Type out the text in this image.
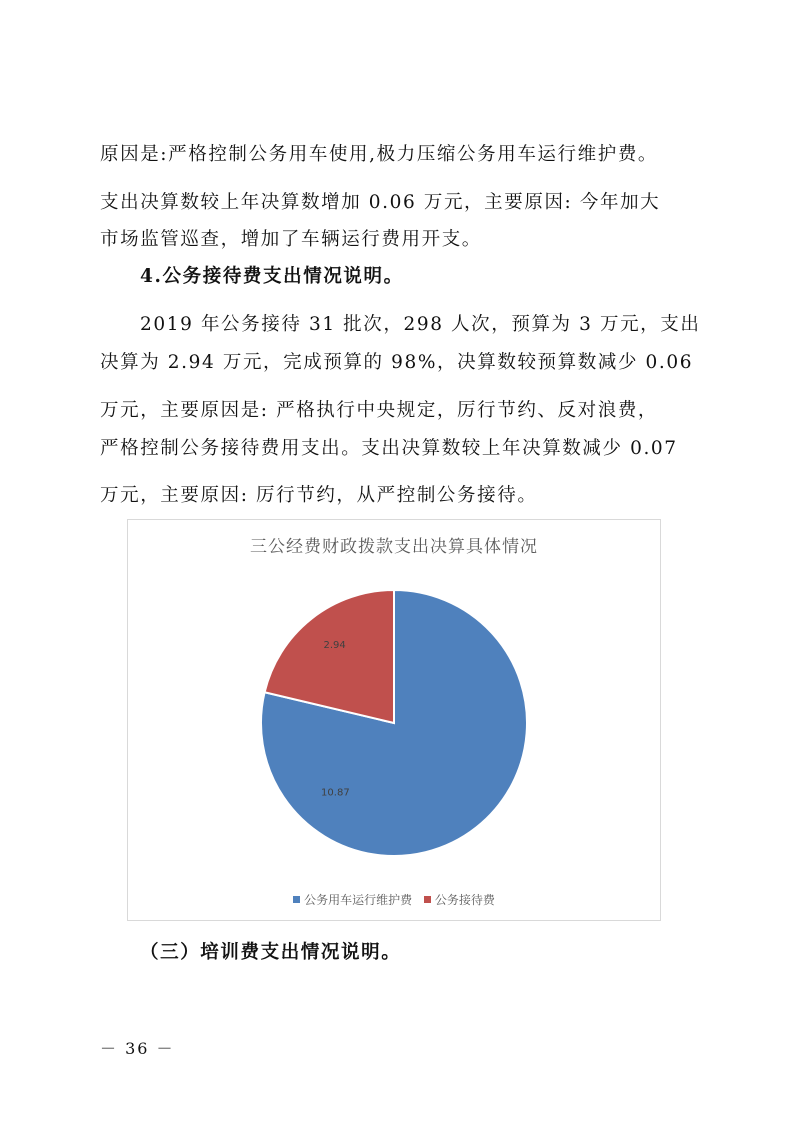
原因是:严格控制公务用车使用,极力压缩公务用车运行维护费。
支出决算数较上年决算数增加 0.06 万元，主要原因: 今年加大
市场监管巡查，增加了车辆运行费用开支。
4.公务接待费支出情况说明。
2019 年公务接待 31 批次，298 人次，预算为 3 万元，支出
决算为 2.94 万元，完成预算的 98%，决算数较预算数减少 0.06
万元，主要原因是: 严格执行中央规定，厉行节约、反对浪费，
严格控制公务接待费用支出。支出决算数较上年决算数减少 0.07
万元，主要原因: 厉行节约，从严控制公务接待。
三公经费财政拨款支出决算具体情况
10.87
2.94
公务用车运行维护费 公务接待费
（三）培训费支出情况说明。
－ 36 －
